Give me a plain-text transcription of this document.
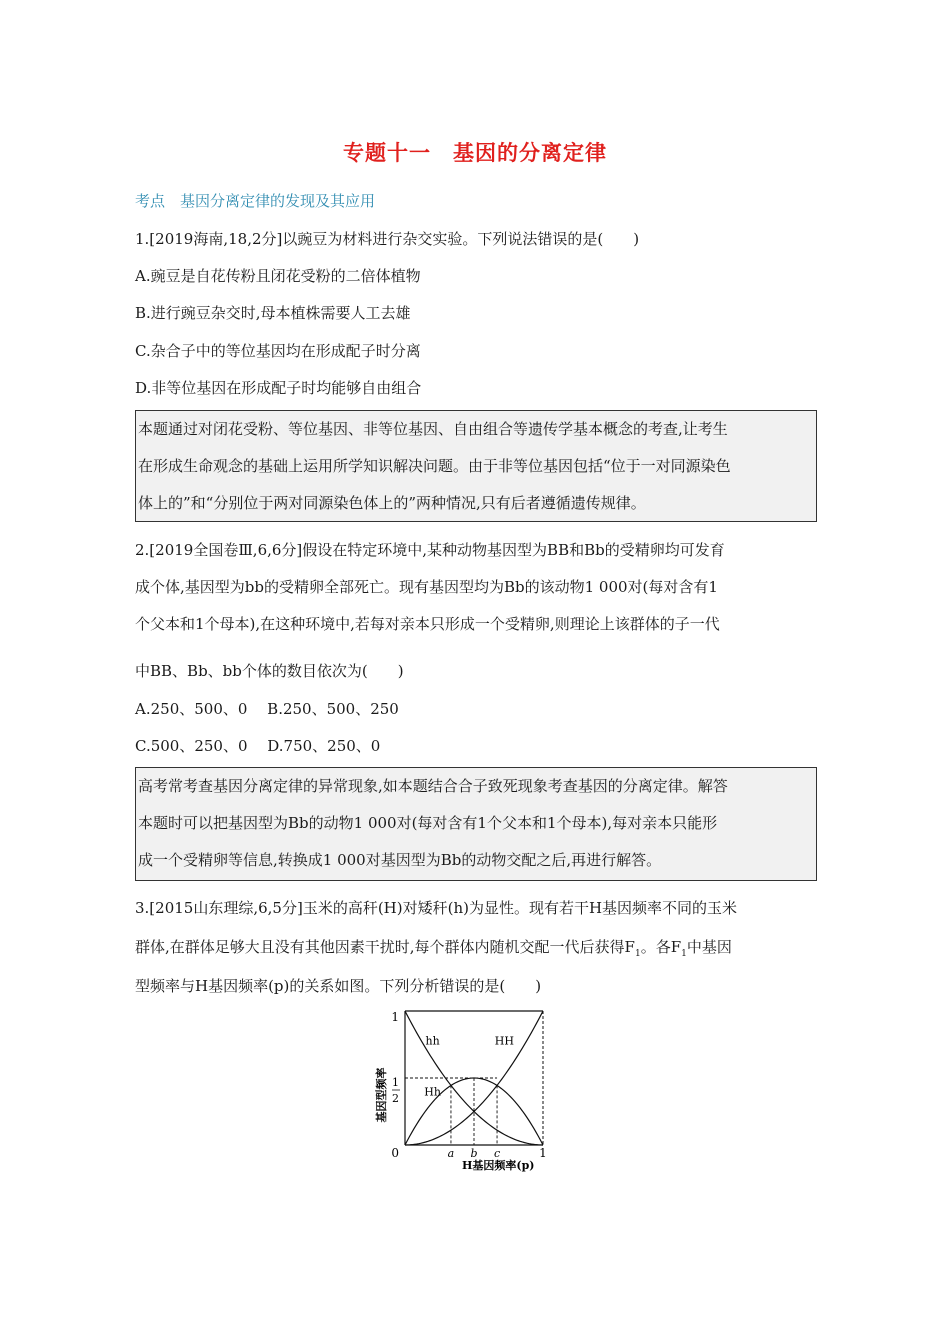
专题十一　基因的分离定律
考点　基因分离定律的发现及其应用
1.[2019海南,18,2分]以豌豆为材料进行杂交实验。下列说法错误的是(　　)
A.豌豆是自花传粉且闭花受粉的二倍体植物
B.进行豌豆杂交时,母本植株需要人工去雄
C.杂合子中的等位基因均在形成配子时分离
D.非等位基因在形成配子时均能够自由组合
本题通过对闭花受粉、等位基因、非等位基因、自由组合等遗传学基本概念的考查,让考生
在形成生命观念的基础上运用所学知识解决问题。由于非等位基因包括“位于一对同源染色
体上的”和“分别位于两对同源染色体上的”两种情况,只有后者遵循遗传规律。
2.[2019全国卷Ⅲ,6,6分]假设在特定环境中,某种动物基因型为BB和Bb的受精卵均可发育
成个体,基因型为bb的受精卵全部死亡。现有基因型均为Bb的该动物1 000对(每对含有1
个父本和1个母本),在这种环境中,若每对亲本只形成一个受精卵,则理论上该群体的子一代
中BB、Bb、bb个体的数目依次为(　　)
A.250、500、0　 B.250、500、250
C.500、250、0　 D.750、250、0
高考常考查基因分离定律的异常现象,如本题结合合子致死现象考查基因的分离定律。解答
本题时可以把基因型为Bb的动物1 000对(每对含有1个父本和1个母本),每对亲本只能形
成一个受精卵等信息,转换成1 000对基因型为Bb的动物交配之后,再进行解答。
3.[2015山东理综,6,5分]玉米的高秆(H)对矮秆(h)为显性。现有若干H基因频率不同的玉米
群体,在群体足够大且没有其他因素干扰时,每个群体内随机交配一代后获得$F_1$。各$F_1$中基因
型频率与H基因频率(p)的关系如图。下列分析错误的是(　　)
a b c
hh	HH
Hh
1
1
2
0	1
H基因频率(p)
基因型频率
